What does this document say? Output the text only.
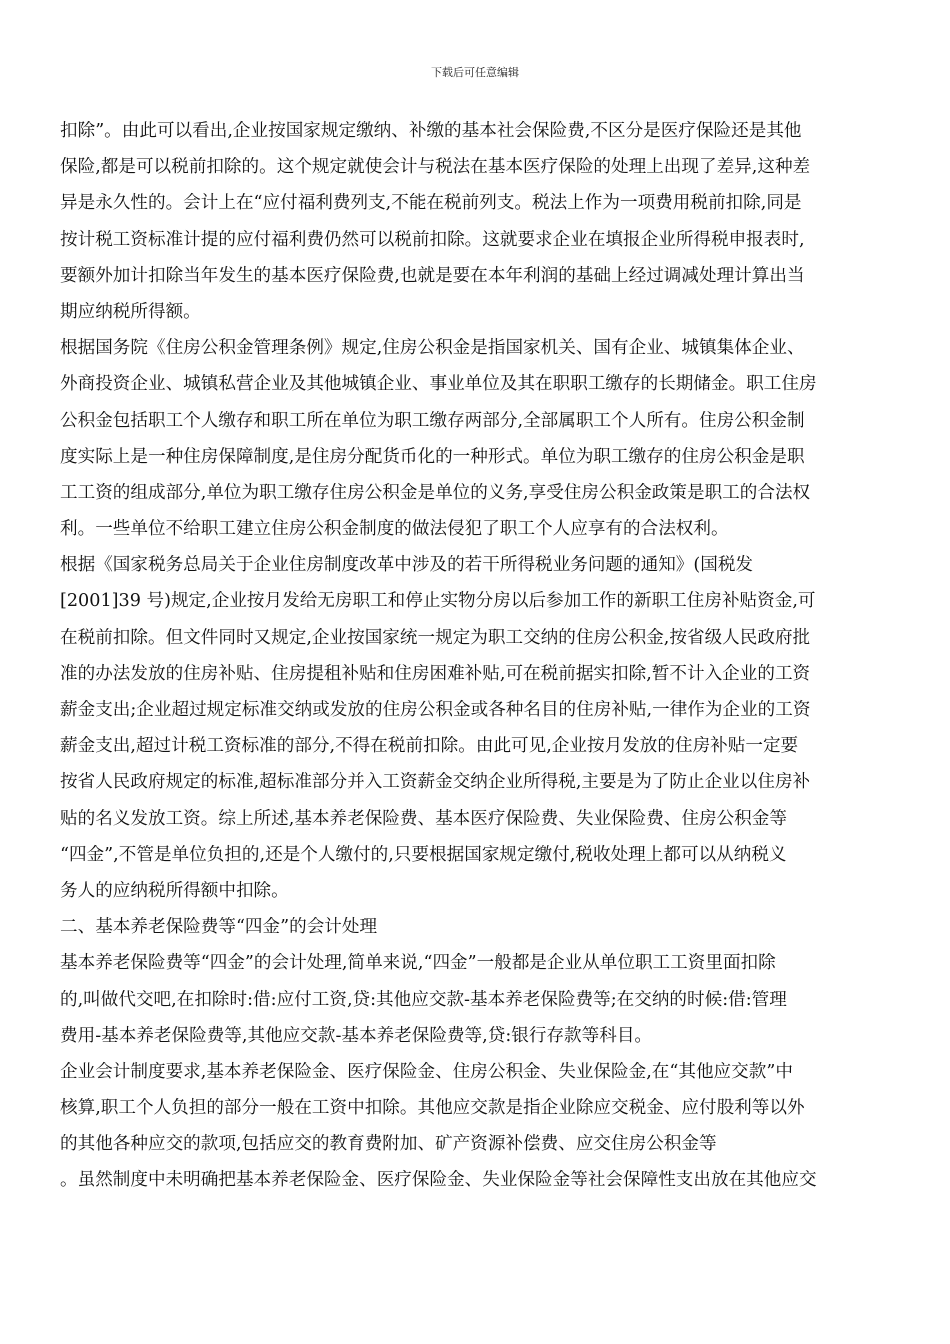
下载后可任意编辑
扣除”。由此可以看出,企业按国家规定缴纳、补缴的基本社会保险费,不区分是医疗保险还是其他
保险,都是可以税前扣除的。这个规定就使会计与税法在基本医疗保险的处理上出现了差异,这种差
异是永久性的。会计上在“应付福利费列支,不能在税前列支。税法上作为一项费用税前扣除,同是
按计税工资标准计提的应付福利费仍然可以税前扣除。这就要求企业在填报企业所得税申报表时,
要额外加计扣除当年发生的基本医疗保险费,也就是要在本年利润的基础上经过调减处理计算出当
期应纳税所得额。
根据国务院《住房公积金管理条例》规定,住房公积金是指国家机关、国有企业、城镇集体企业、
外商投资企业、城镇私营企业及其他城镇企业、事业单位及其在职职工缴存的长期储金。职工住房
公积金包括职工个人缴存和职工所在单位为职工缴存两部分,全部属职工个人所有。住房公积金制
度实际上是一种住房保障制度,是住房分配货币化的一种形式。单位为职工缴存的住房公积金是职
工工资的组成部分,单位为职工缴存住房公积金是单位的义务,享受住房公积金政策是职工的合法权
利。一些单位不给职工建立住房公积金制度的做法侵犯了职工个人应享有的合法权利。
根据《国家税务总局关于企业住房制度改革中涉及的若干所得税业务问题的通知》(国税发
[2001]39 号)规定,企业按月发给无房职工和停止实物分房以后参加工作的新职工住房补贴资金,可
在税前扣除。但文件同时又规定,企业按国家统一规定为职工交纳的住房公积金,按省级人民政府批
准的办法发放的住房补贴、住房提租补贴和住房困难补贴,可在税前据实扣除,暂不计入企业的工资
薪金支出;企业超过规定标准交纳或发放的住房公积金或各种名目的住房补贴,一律作为企业的工资
薪金支出,超过计税工资标准的部分,不得在税前扣除。由此可见,企业按月发放的住房补贴一定要
按省人民政府规定的标准,超标准部分并入工资薪金交纳企业所得税,主要是为了防止企业以住房补
贴的名义发放工资。综上所述,基本养老保险费、基本医疗保险费、失业保险费、住房公积金等
“四金”,不管是单位负担的,还是个人缴付的,只要根据国家规定缴付,税收处理上都可以从纳税义
务人的应纳税所得额中扣除。
二、基本养老保险费等“四金”的会计处理
基本养老保险费等“四金”的会计处理,简单来说,“四金”一般都是企业从单位职工工资里面扣除
的,叫做代交吧,在扣除时:借:应付工资,贷:其他应交款-基本养老保险费等;在交纳的时候:借:管理
费用-基本养老保险费等,其他应交款-基本养老保险费等,贷:银行存款等科目。
企业会计制度要求,基本养老保险金、医疗保险金、住房公积金、失业保险金,在“其他应交款”中
核算,职工个人负担的部分一般在工资中扣除。其他应交款是指企业除应交税金、应付股利等以外
的其他各种应交的款项,包括应交的教育费附加、矿产资源补偿费、应交住房公积金等
。虽然制度中未明确把基本养老保险金、医疗保险金、失业保险金等社会保障性支出放在其他应交
